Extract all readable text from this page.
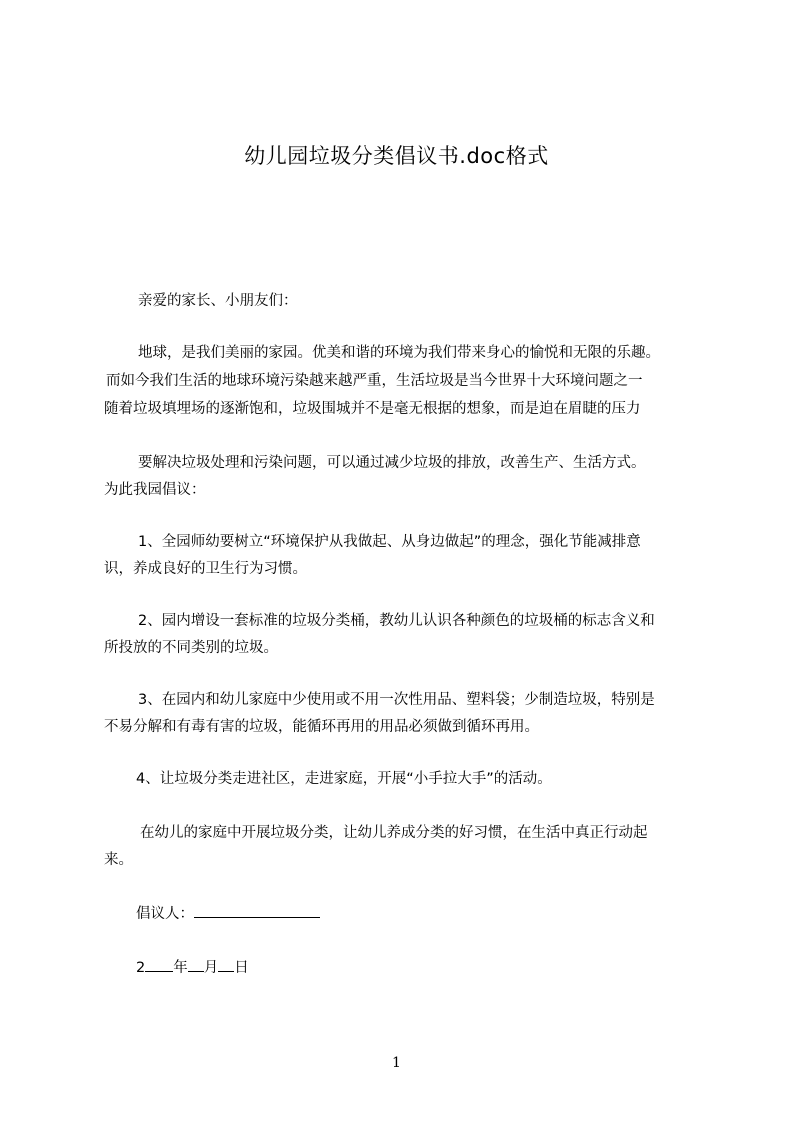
幼儿园垃圾分类倡议书.doc格式
亲爱的家长、小朋友们：
地球，是我们美丽的家园。优美和谐的环境为我们带来身心的愉悦和无限的乐趣。
而如今我们生活的地球环境污染越来越严重，生活垃圾是当今世界十大环境问题之一
随着垃圾填埋场的逐渐饱和，垃圾围城并不是毫无根据的想象，而是迫在眉睫的压力
要解决垃圾处理和污染问题，可以通过减少垃圾的排放，改善生产、生活方式。
为此我园倡议：
1、全园师幼要树立“环境保护从我做起、从身边做起”的理念，强化节能减排意
识，养成良好的卫生行为习惯。
2、园内增设一套标准的垃圾分类桶，教幼儿认识各种颜色的垃圾桶的标志含义和
所投放的不同类别的垃圾。
3、在园内和幼儿家庭中少使用或不用一次性用品、塑料袋；少制造垃圾，特别是
不易分解和有毒有害的垃圾，能循环再用的用品必须做到循环再用。
4、让垃圾分类走进社区，走进家庭，开展“小手拉大手”的活动。
在幼儿的家庭中开展垃圾分类，让幼儿养成分类的好习惯，在生活中真正行动起
来。
倡议人：
2 年 月 日
1
